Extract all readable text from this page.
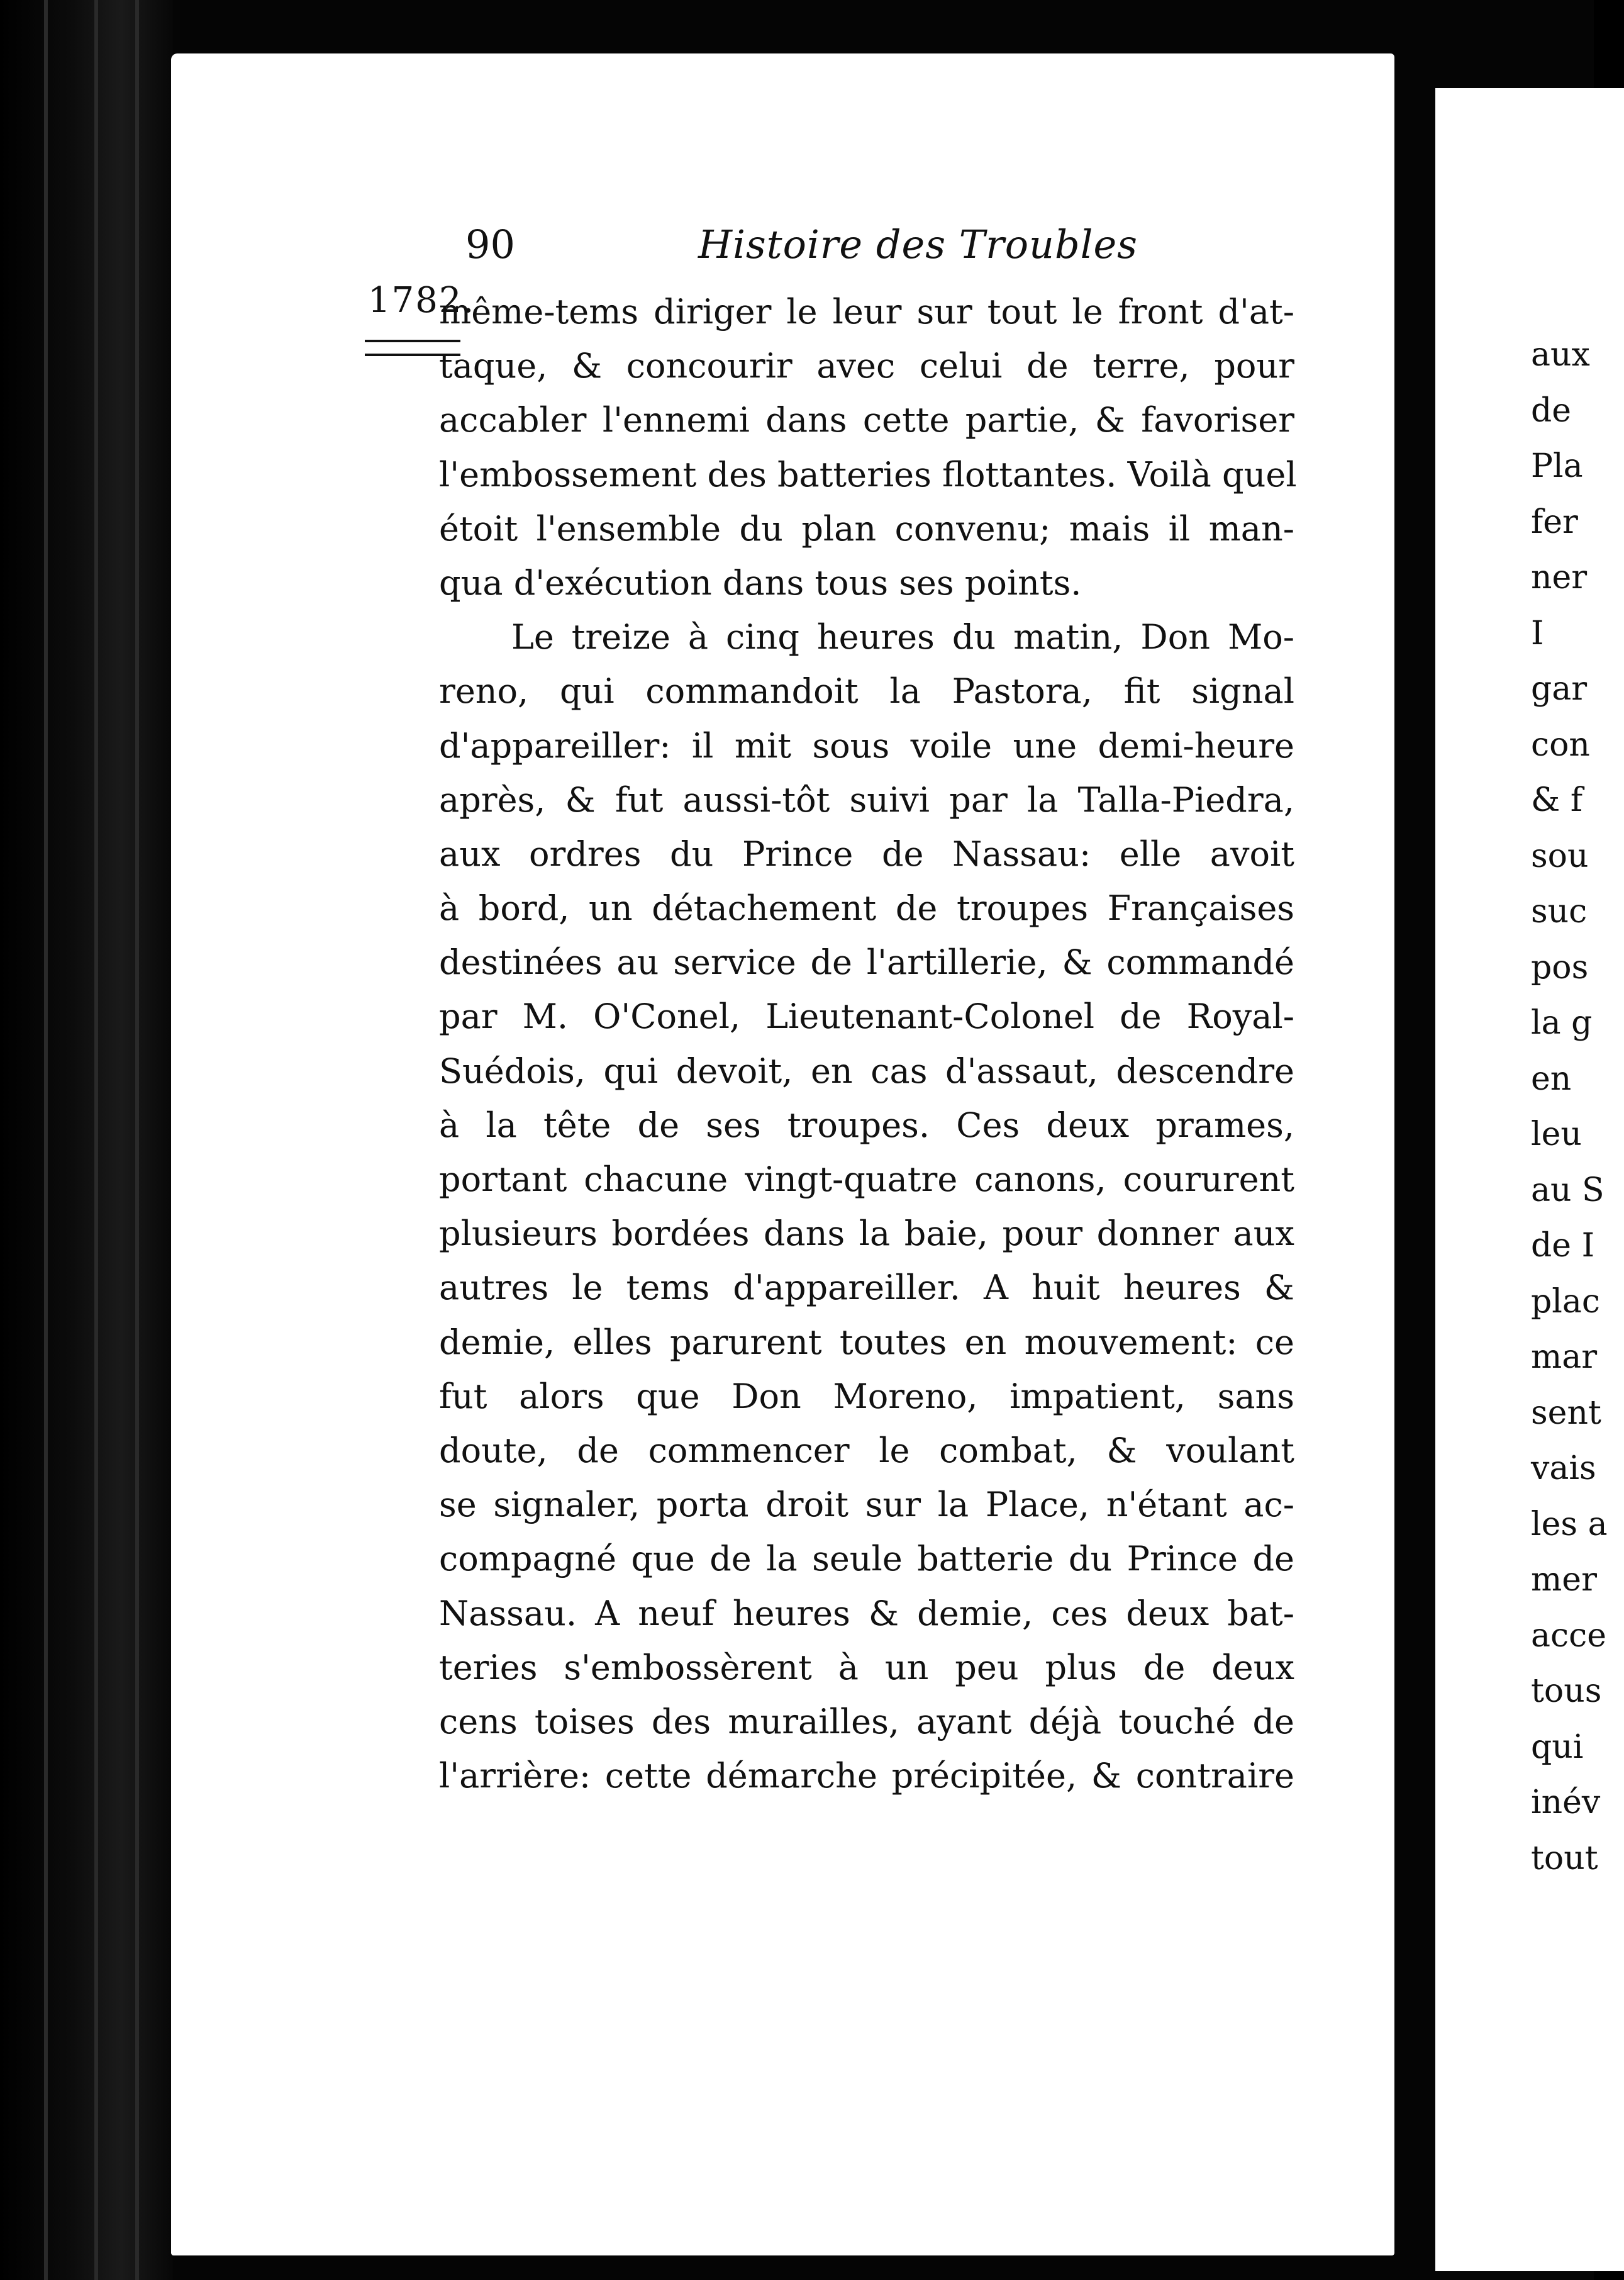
90	Histoire des Troubles
1782.
même-tems diriger le leur sur tout le front d'at-
taque, & concourir avec celui de terre, pour
accabler l'ennemi dans cette partie, & favoriser
l'embossement des batteries flottantes. Voilà quel
étoit l'ensemble du plan convenu; mais il man-
qua d'exécution dans tous ses points.
Le treize à cinq heures du matin, Don Mo-
reno, qui commandoit la Pastora, fit signal
d'appareiller: il mit sous voile une demi-heure
après, & fut aussi-tôt suivi par la Talla-Piedra,
aux ordres du Prince de Nassau: elle avoit
à bord, un détachement de troupes Françaises
destinées au service de l'artillerie, & commandé
par M. O'Conel, Lieutenant-Colonel de Royal-
Suédois, qui devoit, en cas d'assaut, descendre
à la tête de ses troupes. Ces deux prames,
portant chacune vingt-quatre canons, coururent
plusieurs bordées dans la baie, pour donner aux
autres le tems d'appareiller. A huit heures &
demie, elles parurent toutes en mouvement: ce
fut alors que Don Moreno, impatient, sans
doute, de commencer le combat, & voulant
se signaler, porta droit sur la Place, n'étant ac-
compagné que de la seule batterie du Prince de
Nassau. A neuf heures & demie, ces deux bat-
teries s'embossèrent à un peu plus de deux
cens toises des murailles, ayant déjà touché de
l'arrière: cette démarche précipitée, & contraire
aux
de
Pla
fer
ner
I
gar
con
& f
sou
suc
pos
la g
en
leu
au S
de I
plac
mar
sent
vais
les a
mer
acce
tous
qui
inév
tout
